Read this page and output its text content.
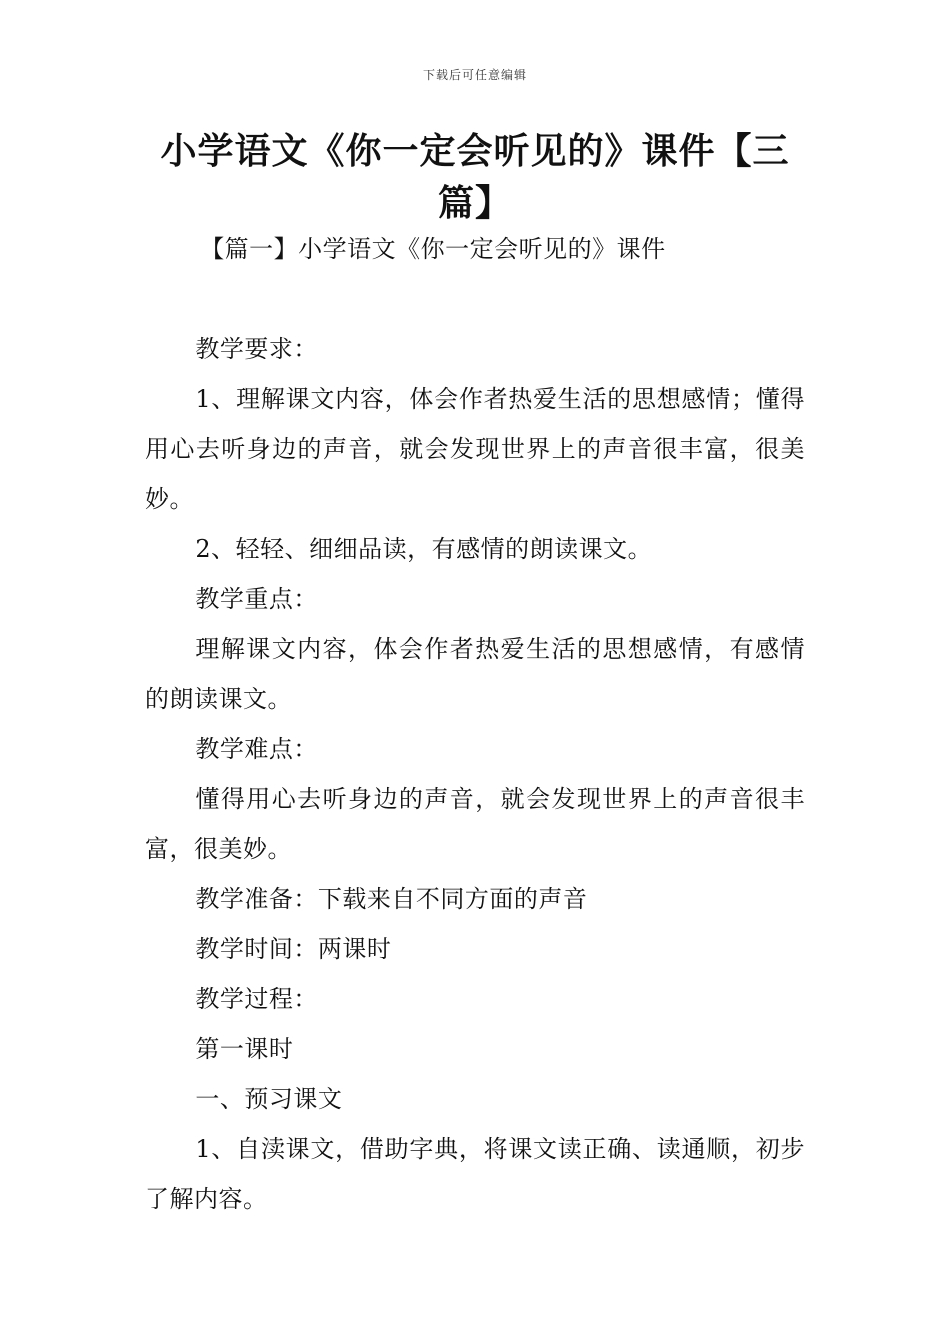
下载后可任意编辑
小学语文《你一定会听见的》课件【三篇】

【篇一】小学语文《你一定会听见的》课件

教学要求：

1、理解课文内容，体会作者热爱生活的思想感情；懂得用心去听身边的声音，就会发现世界上的声音很丰富，很美妙。

2、轻轻、细细品读，有感情的朗读课文。

教学重点：

理解课文内容，体会作者热爱生活的思想感情，有感情的朗读课文。

教学难点：

懂得用心去听身边的声音，就会发现世界上的声音很丰富，很美妙。

教学准备：下载来自不同方面的声音

教学时间：两课时

教学过程：

第一课时

一、预习课文

1、自渎课文，借助字典，将课文读正确、读通顺，初步了解内容。
